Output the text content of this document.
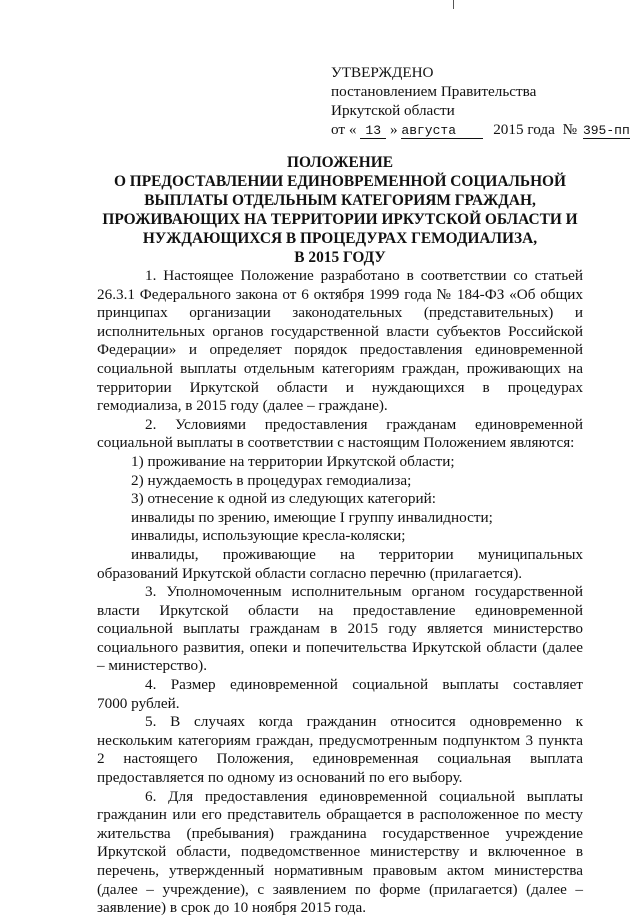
УТВЕРЖДЕНО
постановлением Правительства
Иркутской области
от « 13 » августа 2015 года № 395-пп
ПОЛОЖЕНИЕ
О ПРЕДОСТАВЛЕНИИ ЕДИНОВРЕМЕННОЙ СОЦИАЛЬНОЙ
ВЫПЛАТЫ ОТДЕЛЬНЫМ КАТЕГОРИЯМ ГРАЖДАН,
ПРОЖИВАЮЩИХ НА ТЕРРИТОРИИ ИРКУТСКОЙ ОБЛАСТИ И
НУЖДАЮЩИХСЯ В ПРОЦЕДУРАХ ГЕМОДИАЛИЗА,
В 2015 ГОДУ

1. Настоящее Положение разработано в соответствии со статьей 26.3.1 Федерального закона от 6 октября 1999 года № 184-ФЗ «Об общих принципах организации законодательных (представительных) и исполнительных органов государственной власти субъектов Российской Федерации» и определяет порядок предоставления единовременной социальной выплаты отдельным категориям граждан, проживающих на территории Иркутской области и нуждающихся в процедурах гемодиализа, в 2015 году (далее – граждане).

2. Условиями предоставления гражданам единовременной социальной выплаты в соответствии с настоящим Положением являются:

1) проживание на территории Иркутской области;

2) нуждаемость в процедурах гемодиализа;

3) отнесение к одной из следующих категорий:

инвалиды по зрению, имеющие I группу инвалидности;

инвалиды, использующие кресла-коляски;

инвалиды, проживающие на территории муниципальных образований Иркутской области согласно перечню (прилагается).

3. Уполномоченным исполнительным органом государственной власти Иркутской области на предоставление единовременной социальной выплаты гражданам в 2015 году является министерство социального развития, опеки и попечительства Иркутской области (далее – министерство).

4. Размер единовременной социальной выплаты составляет

7000 рублей.

5. В случаях когда гражданин относится одновременно к нескольким категориям граждан, предусмотренным подпунктом 3 пункта 2 настоящего Положения, единовременная социальная выплата предоставляется по одному из оснований по его выбору.

6. Для предоставления единовременной социальной выплаты гражданин или его представитель обращается в расположенное по месту жительства (пребывания) гражданина государственное учреждение Иркутской области, подведомственное министерству и включенное в перечень, утвержденный нормативным правовым актом министерства (далее – учреждение), с заявлением по форме (прилагается) (далее – заявление) в срок до 10 ноября 2015 года.
